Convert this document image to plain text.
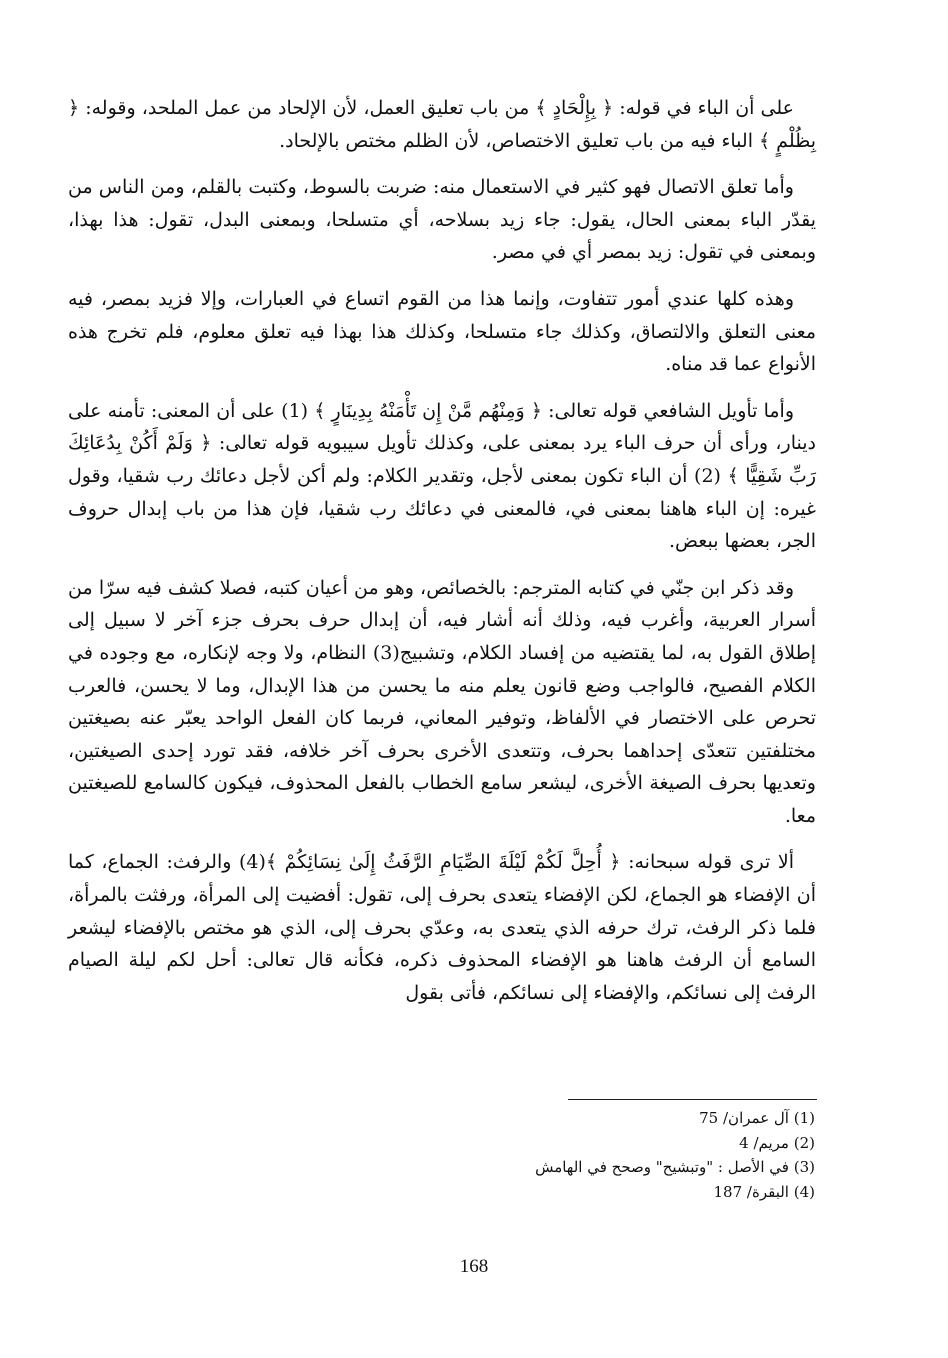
على أن الباء في قوله: ﴿ بِإِلْحَادٍ ﴾ من باب تعليق العمل، لأن الإلحاد من عمل الملحد، وقوله: ﴿ بِظُلْمٍ ﴾ الباء فيه من باب تعليق الاختصاص، لأن الظلم مختص بالإلحاد.

وأما تعلق الاتصال فهو كثير في الاستعمال منه: ضربت بالسوط، وكتبت بالقلم، ومن الناس من يقدّر الباء بمعنى الحال، يقول: جاء زيد بسلاحه، أي متسلحا، وبمعنى البدل، تقول: هذا بهذا، وبمعنى في تقول: زيد بمصر أي في مصر.

وهذه كلها عندي أمور تتفاوت، وإنما هذا من القوم اتساع في العبارات، وإلا فزيد بمصر، فيه معنى التعلق والالتصاق، وكذلك جاء متسلحا، وكذلك هذا بهذا فيه تعلق معلوم، فلم تخرج هذه الأنواع عما قد مناه.

وأما تأويل الشافعي قوله تعالى: ﴿ وَمِنْهُم مَّنْ إِن تَأْمَنْهُ بِدِينَارٍ ﴾ (1) على أن المعنى: تأمنه على دينار، ورأى أن حرف الباء يرد بمعنى على، وكذلك تأويل سيبويه قوله تعالى: ﴿ وَلَمْ أَكُنْ بِدُعَائِكَ رَبِّ شَقِيًّا ﴾ (2) أن الباء تكون بمعنى لأجل، وتقدير الكلام: ولم أكن لأجل دعائك رب شقيا، وقول غيره: إن الباء هاهنا بمعنى في، فالمعنى في دعائك رب شقيا، فإن هذا من باب إبدال حروف الجر، بعضها ببعض.

وقد ذكر ابن جنّي في كتابه المترجم: بالخصائص، وهو من أعيان كتبه، فصلا كشف فيه سرّا من أسرار العربية، وأغرب فيه، وذلك أنه أشار فيه، أن إبدال حرف بحرف جزء آخر لا سبيل إلى إطلاق القول به، لما يقتضيه من إفساد الكلام، وتشبيج(3) النظام، ولا وجه لإنكاره، مع وجوده في الكلام الفصيح، فالواجب وضع قانون يعلم منه ما يحسن من هذا الإبدال، وما لا يحسن، فالعرب تحرص على الاختصار في الألفاظ، وتوفير المعاني، فربما كان الفعل الواحد يعبّر عنه بصيغتين مختلفتين تتعدّى إحداهما بحرف، وتتعدى الأخرى بحرف آخر خلافه، فقد تورد إحدى الصيغتين، وتعديها بحرف الصيغة الأخرى، ليشعر سامع الخطاب بالفعل المحذوف، فيكون كالسامع للصيغتين معا.

ألا ترى قوله سبحانه: ﴿ أُحِلَّ لَكُمْ لَيْلَةَ الصِّيَامِ الرَّفَثُ إِلَىٰ نِسَائِكُمْ ﴾(4) والرفث: الجماع، كما أن الإفضاء هو الجماع، لكن الإفضاء يتعدى بحرف إلى، تقول: أفضيت إلى المرأة، ورفثت بالمرأة، فلما ذكر الرفث، ترك حرفه الذي يتعدى به، وعدّي بحرف إلى، الذي هو مختص بالإفضاء ليشعر السامع أن الرفث هاهنا هو الإفضاء المحذوف ذكره، فكأنه قال تعالى: أحل لكم ليلة الصيام الرفث إلى نسائكم، والإفضاء إلى نسائكم، فأتى بقول

(1) آل عمران/ 75
(2) مريم/ 4
(3) في الأصل : "وتبشيح" وصحح في الهامش
(4) البقرة/ 187
168
